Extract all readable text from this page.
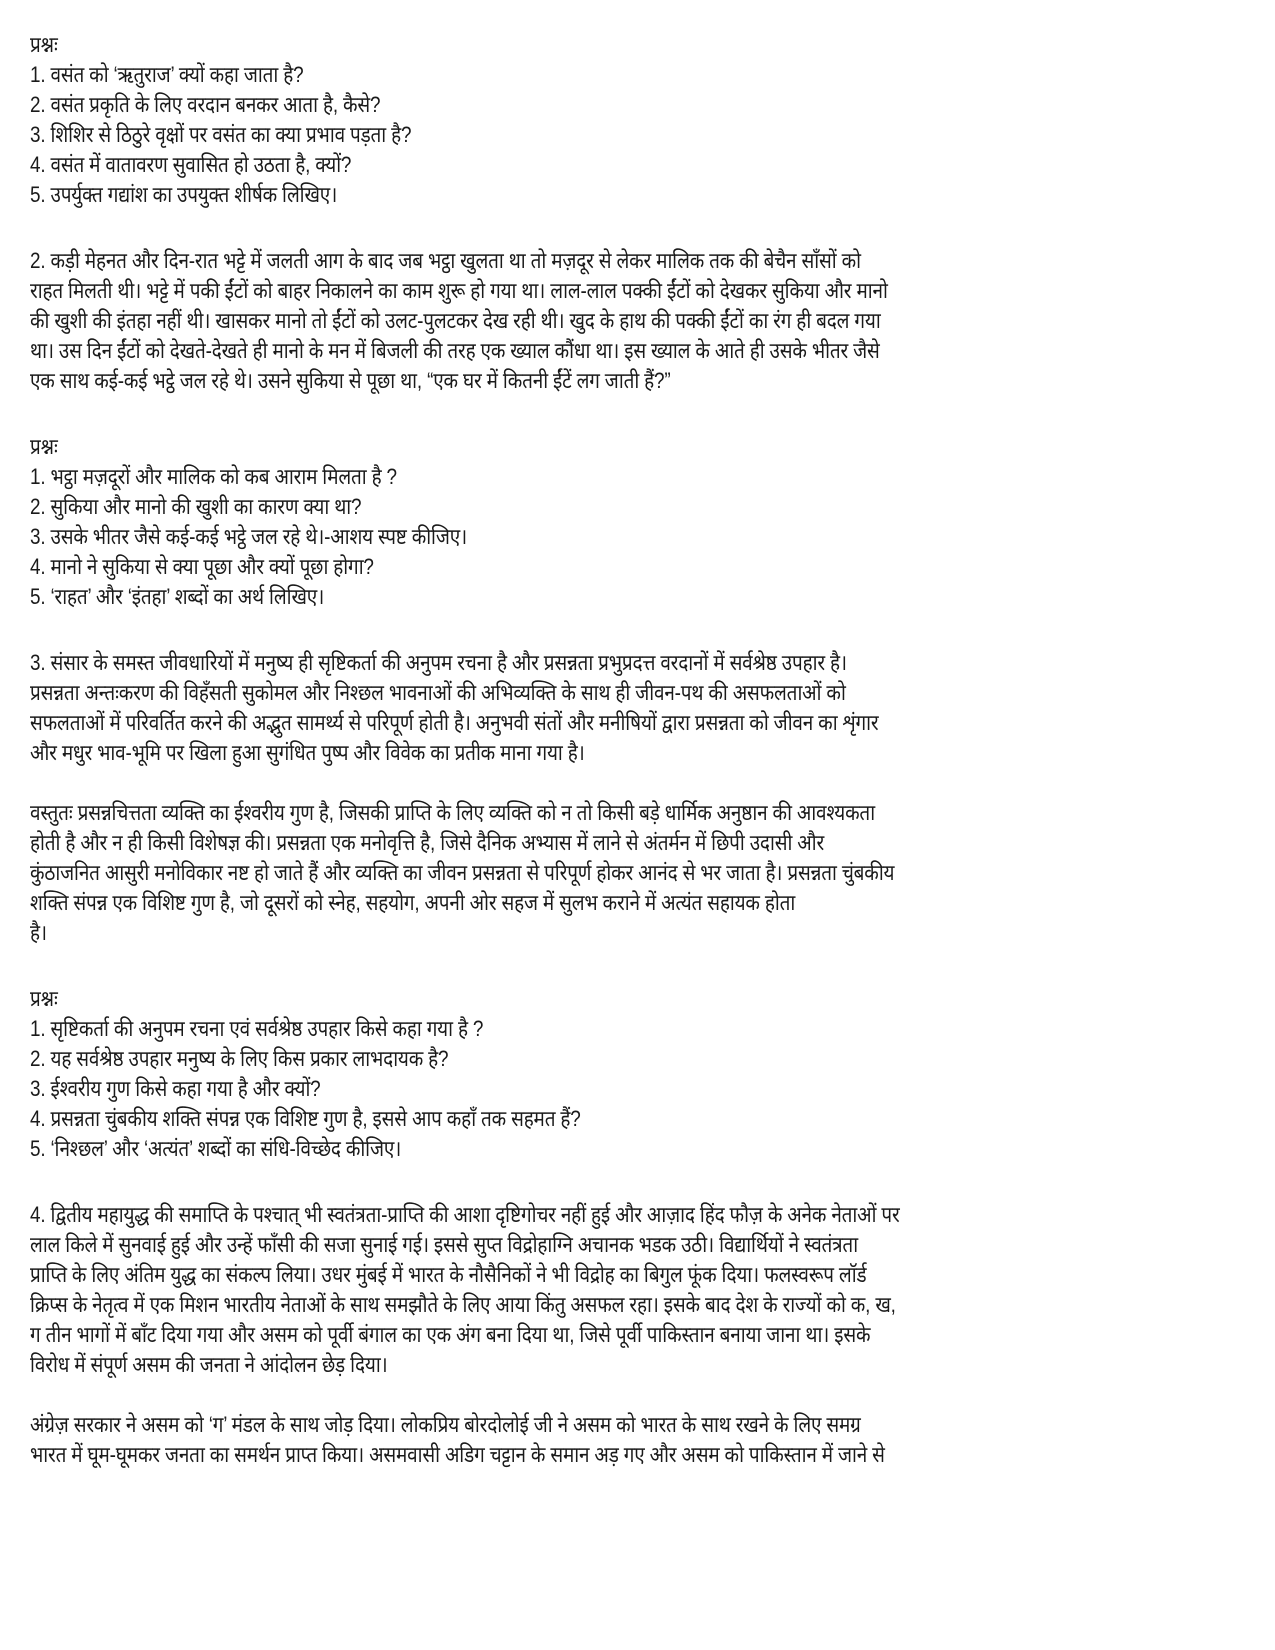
प्रश्नः
1. वसंत को ‘ऋतुराज’ क्यों कहा जाता है?
2. वसंत प्रकृति के लिए वरदान बनकर आता है, कैसे?
3. शिशिर से ठिठुरे वृक्षों पर वसंत का क्या प्रभाव पड़ता है?
4. वसंत में वातावरण सुवासित हो उठता है, क्यों?
5. उपर्युक्त गद्यांश का उपयुक्त शीर्षक लिखिए।
2. कड़ी मेहनत और दिन-रात भट्टे में जलती आग के बाद जब भट्ठा खुलता था तो मज़दूर से लेकर मालिक तक की बेचैन साँसों को
राहत मिलती थी। भट्टे में पकी ईंटों को बाहर निकालने का काम शुरू हो गया था। लाल-लाल पक्की ईंटों को देखकर सुकिया और मानो
की खुशी की इंतहा नहीं थी। खासकर मानो तो ईंटों को उलट-पुलटकर देख रही थी। खुद के हाथ की पक्की ईंटों का रंग ही बदल गया
था। उस दिन ईंटों को देखते-देखते ही मानो के मन में बिजली की तरह एक ख्याल कौंधा था। इस ख्याल के आते ही उसके भीतर जैसे
एक साथ कई-कई भट्ठे जल रहे थे। उसने सुकिया से पूछा था, “एक घर में कितनी ईंटें लग जाती हैं?”
प्रश्नः
1. भट्ठा मज़दूरों और मालिक को कब आराम मिलता है ?
2. सुकिया और मानो की खुशी का कारण क्या था?
3. उसके भीतर जैसे कई-कई भट्ठे जल रहे थे।-आशय स्पष्ट कीजिए।
4. मानो ने सुकिया से क्या पूछा और क्यों पूछा होगा?
5. ‘राहत’ और ‘इंतहा’ शब्दों का अर्थ लिखिए।
3. संसार के समस्त जीवधारियों में मनुष्य ही सृष्टिकर्ता की अनुपम रचना है और प्रसन्नता प्रभुप्रदत्त वरदानों में सर्वश्रेष्ठ उपहार है।
प्रसन्नता अन्तःकरण की विहँसती सुकोमल और निश्छल भावनाओं की अभिव्यक्ति के साथ ही जीवन-पथ की असफलताओं को
सफलताओं में परिवर्तित करने की अद्भुत सामर्थ्य से परिपूर्ण होती है। अनुभवी संतों और मनीषियों द्वारा प्रसन्नता को जीवन का शृंगार
और मधुर भाव-भूमि पर खिला हुआ सुगंधित पुष्प और विवेक का प्रतीक माना गया है।
वस्तुतः प्रसन्नचित्तता व्यक्ति का ईश्वरीय गुण है, जिसकी प्राप्ति के लिए व्यक्ति को न तो किसी बड़े धार्मिक अनुष्ठान की आवश्यकता
होती है और न ही किसी विशेषज्ञ की। प्रसन्नता एक मनोवृत्ति है, जिसे दैनिक अभ्यास में लाने से अंतर्मन में छिपी उदासी और
कुंठाजनित आसुरी मनोविकार नष्ट हो जाते हैं और व्यक्ति का जीवन प्रसन्नता से परिपूर्ण होकर आनंद से भर जाता है। प्रसन्नता चुंबकीय
शक्ति संपन्न एक विशिष्ट गुण है, जो दूसरों को स्नेह, सहयोग, अपनी ओर सहज में सुलभ कराने में अत्यंत सहायक होता
है।
प्रश्नः
1. सृष्टिकर्ता की अनुपम रचना एवं सर्वश्रेष्ठ उपहार किसे कहा गया है ?
2. यह सर्वश्रेष्ठ उपहार मनुष्य के लिए किस प्रकार लाभदायक है?
3. ईश्वरीय गुण किसे कहा गया है और क्यों?
4. प्रसन्नता चुंबकीय शक्ति संपन्न एक विशिष्ट गुण है, इससे आप कहाँ तक सहमत हैं?
5. ‘निश्छल’ और ‘अत्यंत’ शब्दों का संधि-विच्छेद कीजिए।
4. द्वितीय महायुद्ध की समाप्ति के पश्चात् भी स्वतंत्रता-प्राप्ति की आशा दृष्टिगोचर नहीं हुई और आज़ाद हिंद फौज़ के अनेक नेताओं पर
लाल किले में सुनवाई हुई और उन्हें फाँसी की सजा सुनाई गई। इससे सुप्त विद्रोहाग्नि अचानक भडक उठी। विद्यार्थियों ने स्वतंत्रता
प्राप्ति के लिए अंतिम युद्ध का संकल्प लिया। उधर मुंबई में भारत के नौसैनिकों ने भी विद्रोह का बिगुल फूंक दिया। फलस्वरूप लॉर्ड
क्रिप्स के नेतृत्व में एक मिशन भारतीय नेताओं के साथ समझौते के लिए आया किंतु असफल रहा। इसके बाद देश के राज्यों को क, ख,
ग तीन भागों में बाँट दिया गया और असम को पूर्वी बंगाल का एक अंग बना दिया था, जिसे पूर्वी पाकिस्तान बनाया जाना था। इसके
विरोध में संपूर्ण असम की जनता ने आंदोलन छेड़ दिया।
अंग्रेज़ सरकार ने असम को ‘ग’ मंडल के साथ जोड़ दिया। लोकप्रिय बोरदोलोई जी ने असम को भारत के साथ रखने के लिए समग्र
भारत में घूम-घूमकर जनता का समर्थन प्राप्त किया। असमवासी अडिग चट्टान के समान अड़ गए और असम को पाकिस्तान में जाने से
